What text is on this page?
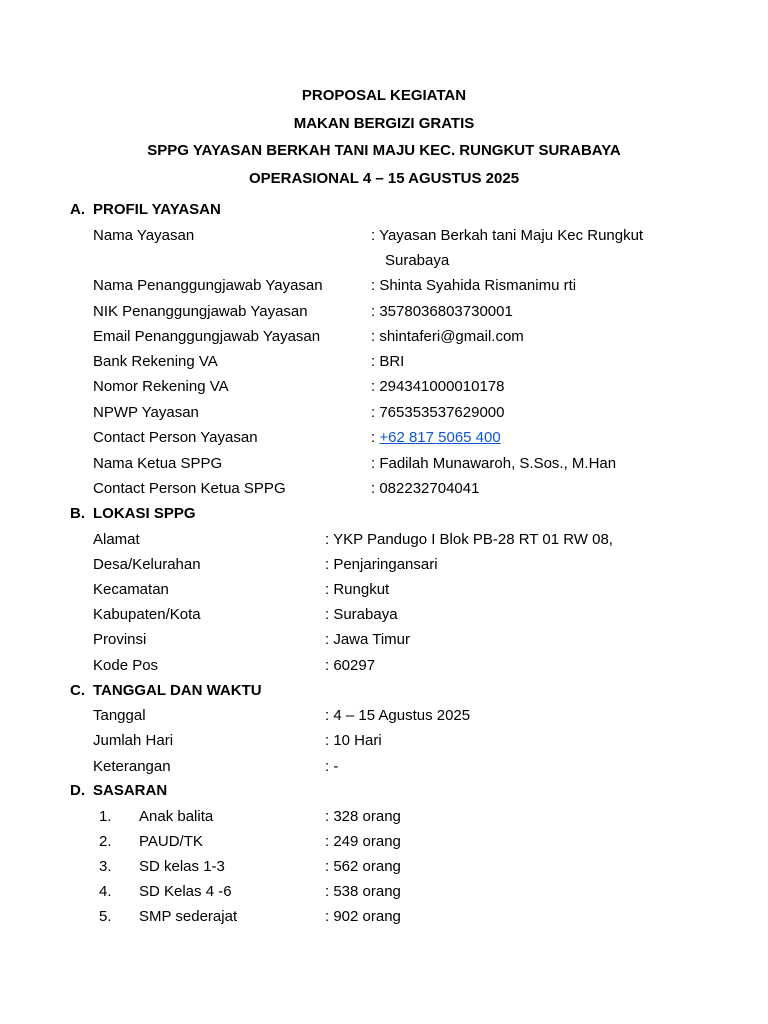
PROPOSAL KEGIATAN
MAKAN BERGIZI GRATIS
SPPG YAYASAN BERKAH TANI MAJU KEC. RUNGKUT SURABAYA
OPERASIONAL 4 – 15 AGUSTUS 2025
A. PROFIL YAYASAN
Nama Yayasan	: Yayasan Berkah tani Maju Kec Rungkut
Surabaya
Nama Penanggungjawab Yayasan	: Shinta Syahida Rismanimu rti
NIK Penanggungjawab Yayasan	: 3578036803730001
Email Penanggungjawab Yayasan	: shintaferi@gmail.com
Bank Rekening VA	: BRI
Nomor Rekening VA	: 294341000010178
NPWP Yayasan	: 765353537629000
Contact Person Yayasan	: +62 817 5065 400
Nama Ketua SPPG	: Fadilah Munawaroh, S.Sos., M.Han
Contact Person Ketua SPPG	: 082232704041
B. LOKASI SPPG
Alamat	: YKP Pandugo I Blok PB-28 RT 01 RW 08,
Desa/Kelurahan	: Penjaringansari
Kecamatan	: Rungkut
Kabupaten/Kota	: Surabaya
Provinsi	: Jawa Timur
Kode Pos	: 60297
C. TANGGAL DAN WAKTU
Tanggal	: 4 – 15 Agustus 2025
Jumlah Hari	: 10 Hari
Keterangan	: -
D. SASARAN
1. Anak balita	: 328 orang
2. PAUD/TK	: 249 orang
3. SD kelas 1-3	: 562 orang
4. SD Kelas 4 -6	: 538 orang
5. SMP sederajat	: 902 orang
